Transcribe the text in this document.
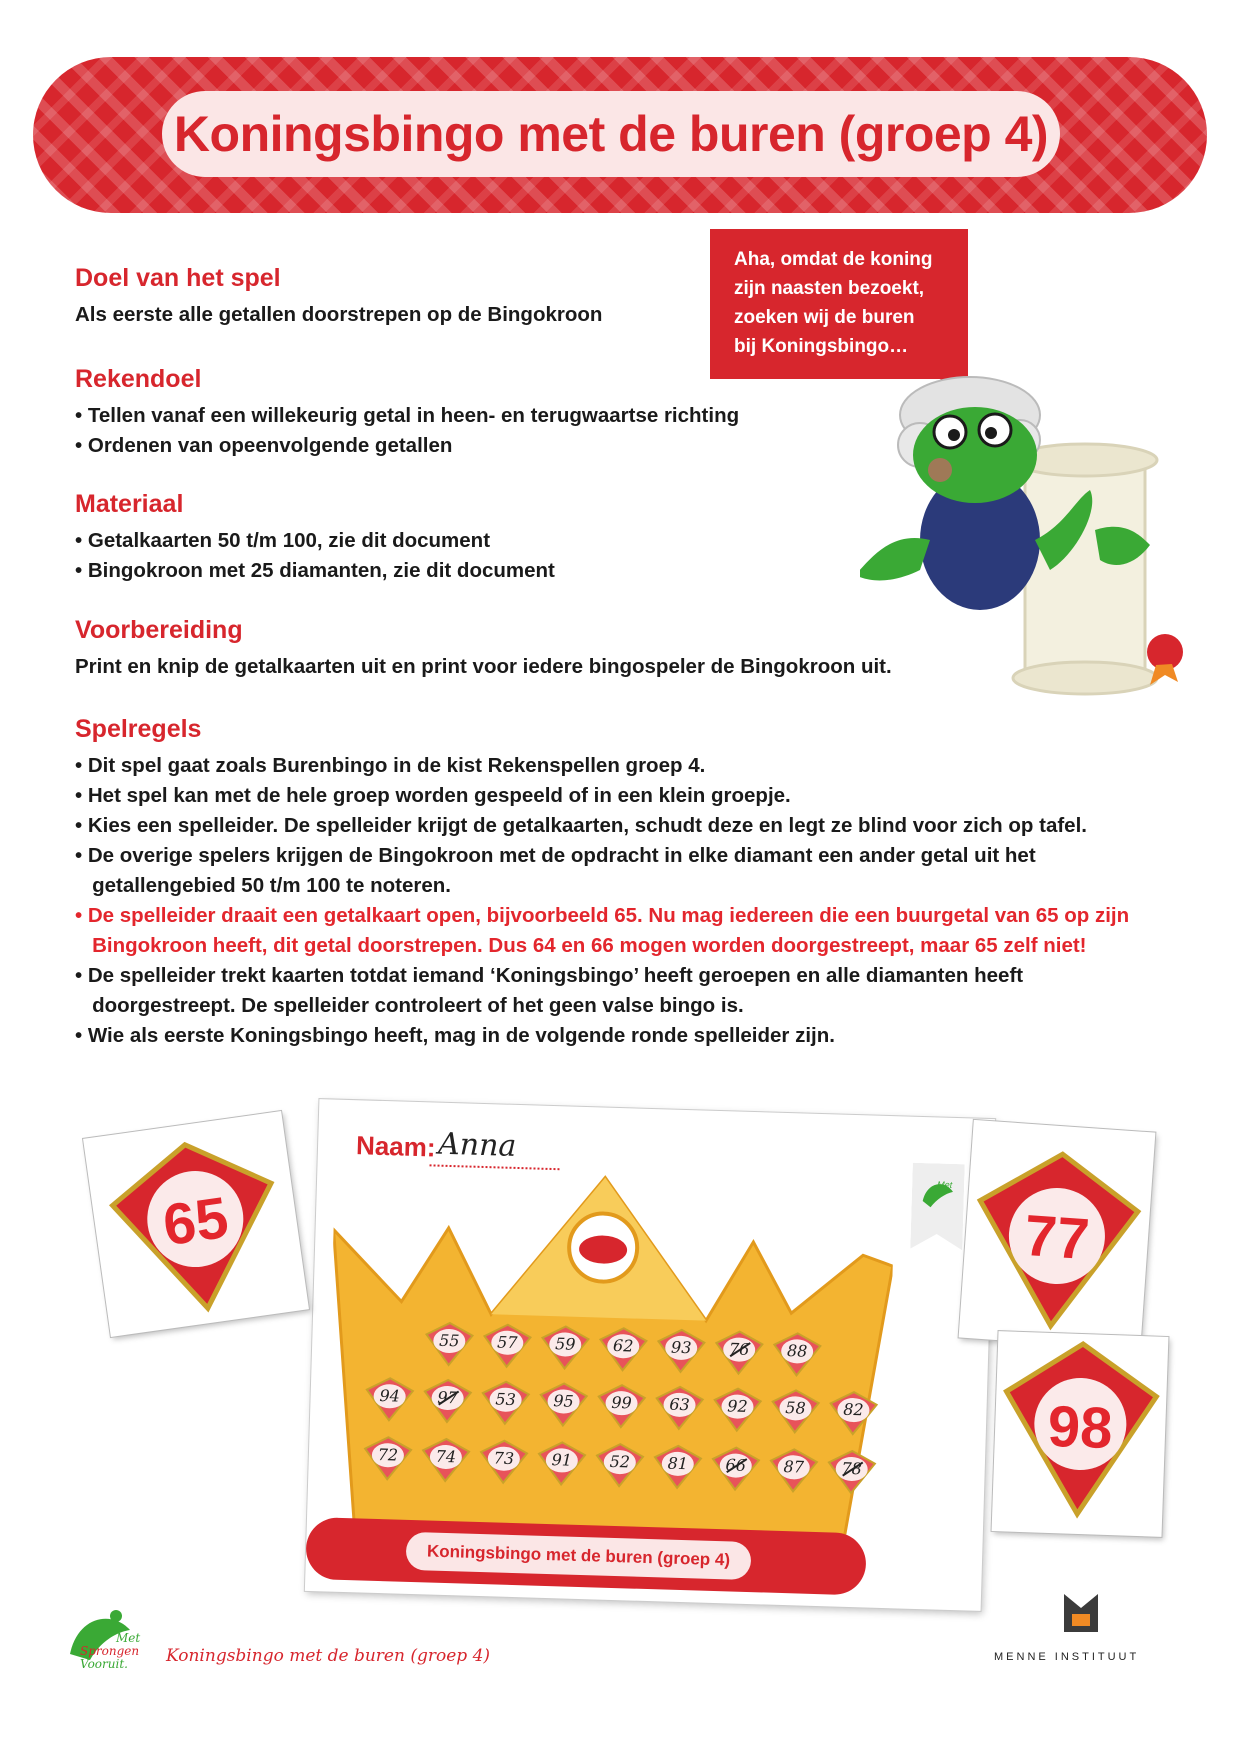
Koningsbingo met de buren (groep 4)
Aha, omdat de koning
zijn naasten bezoekt,
zoeken wij de buren
bij Koningsbingo…
Doel van het spel
Als eerste alle getallen doorstrepen op de Bingokroon
Rekendoel
• Tellen vanaf een willekeurig getal in heen- en terugwaartse richting
• Ordenen van opeenvolgende getallen
Materiaal
• Getalkaarten 50 t/m 100, zie dit document
• Bingokroon met 25 diamanten, zie dit document
Voorbereiding
Print en knip de getalkaarten uit en print voor iedere bingospeler de Bingokroon uit.
Spelregels
• Dit spel gaat zoals Burenbingo in de kist Rekenspellen groep 4.
• Het spel kan met de hele groep worden gespeeld of in een klein groepje.
• Kies een spelleider. De spelleider krijgt de getalkaarten, schudt deze en legt ze blind voor zich op tafel.
• De overige spelers krijgen de Bingokroon met de opdracht in elke diamant een ander getal uit het
getallengebied 50 t/m 100 te noteren.
• De spelleider draait een getalkaart open, bijvoorbeeld 65. Nu mag iedereen die een buurgetal van 65 op zijn
Bingokroon heeft, dit getal doorstrepen. Dus 64 en 66 mogen worden doorgestreept, maar 65 zelf niet!
• De spelleider trekt kaarten totdat iemand ‘Koningsbingo’ heeft geroepen en alle diamanten heeft
doorgestreept. De spelleider controleert of het geen valse bingo is.
• Wie als eerste Koningsbingo heeft, mag in de volgende ronde spelleider zijn.
Naam: Anna
Met
55	57	59	62	93	76	88
94	97	53	95	99	63	92	58	82
72	74	73	91	52	81	66	87	78
Koningsbingo met de buren (groep 4)
65	77
98
Met
Sprongen
Vooruit.	Koningsbingo met de buren (groep 4)	MENNE INSTITUUT
